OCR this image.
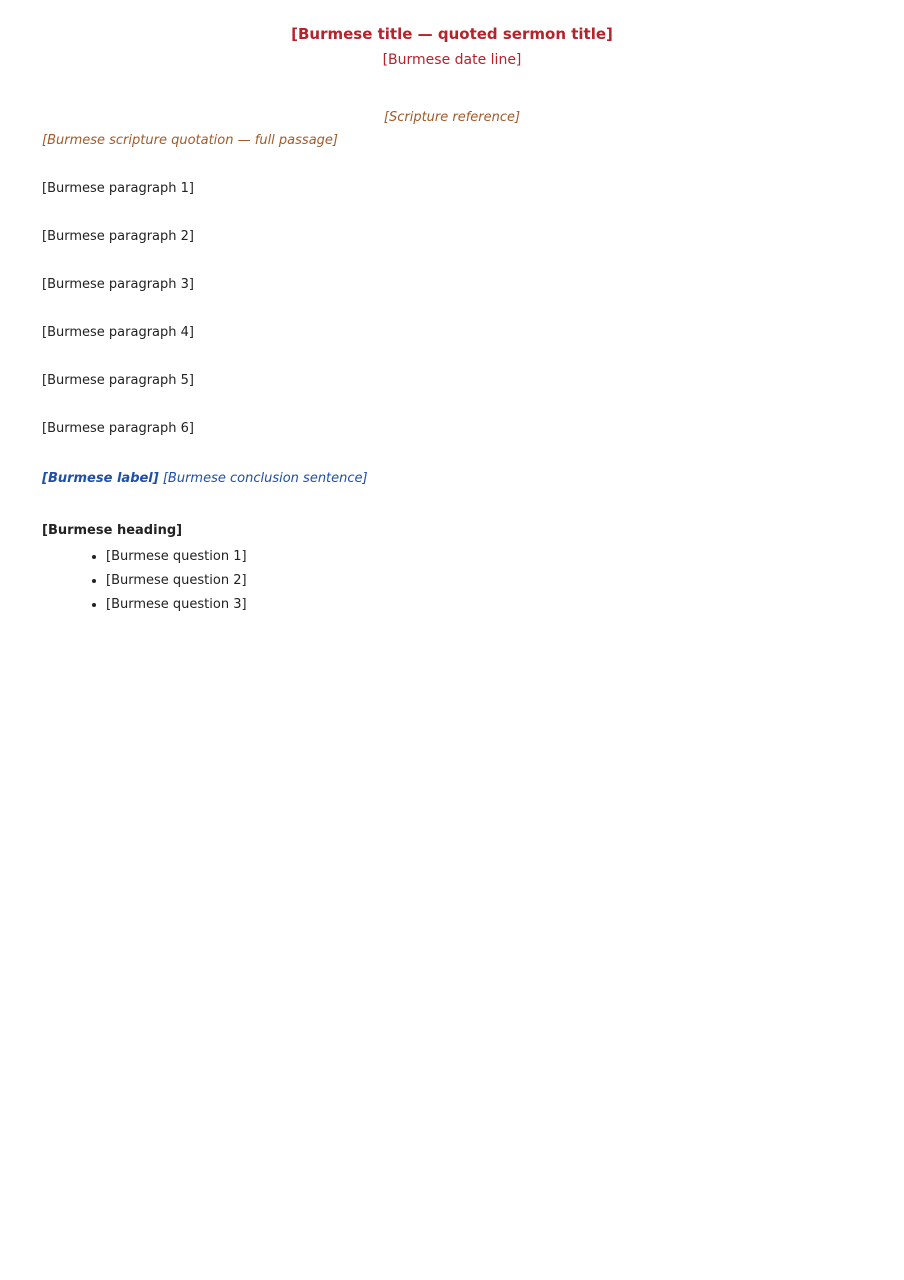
[Burmese title — quoted sermon title]
[Burmese date line]
[Scripture reference]

[Burmese scripture quotation — full passage]

[Burmese paragraph 1]

[Burmese paragraph 2]

[Burmese paragraph 3]

[Burmese paragraph 4]

[Burmese paragraph 5]

[Burmese paragraph 6]

[Burmese label] [Burmese conclusion sentence]

[Burmese heading]
• [Burmese question 1]
• [Burmese question 2]
• [Burmese question 3]
